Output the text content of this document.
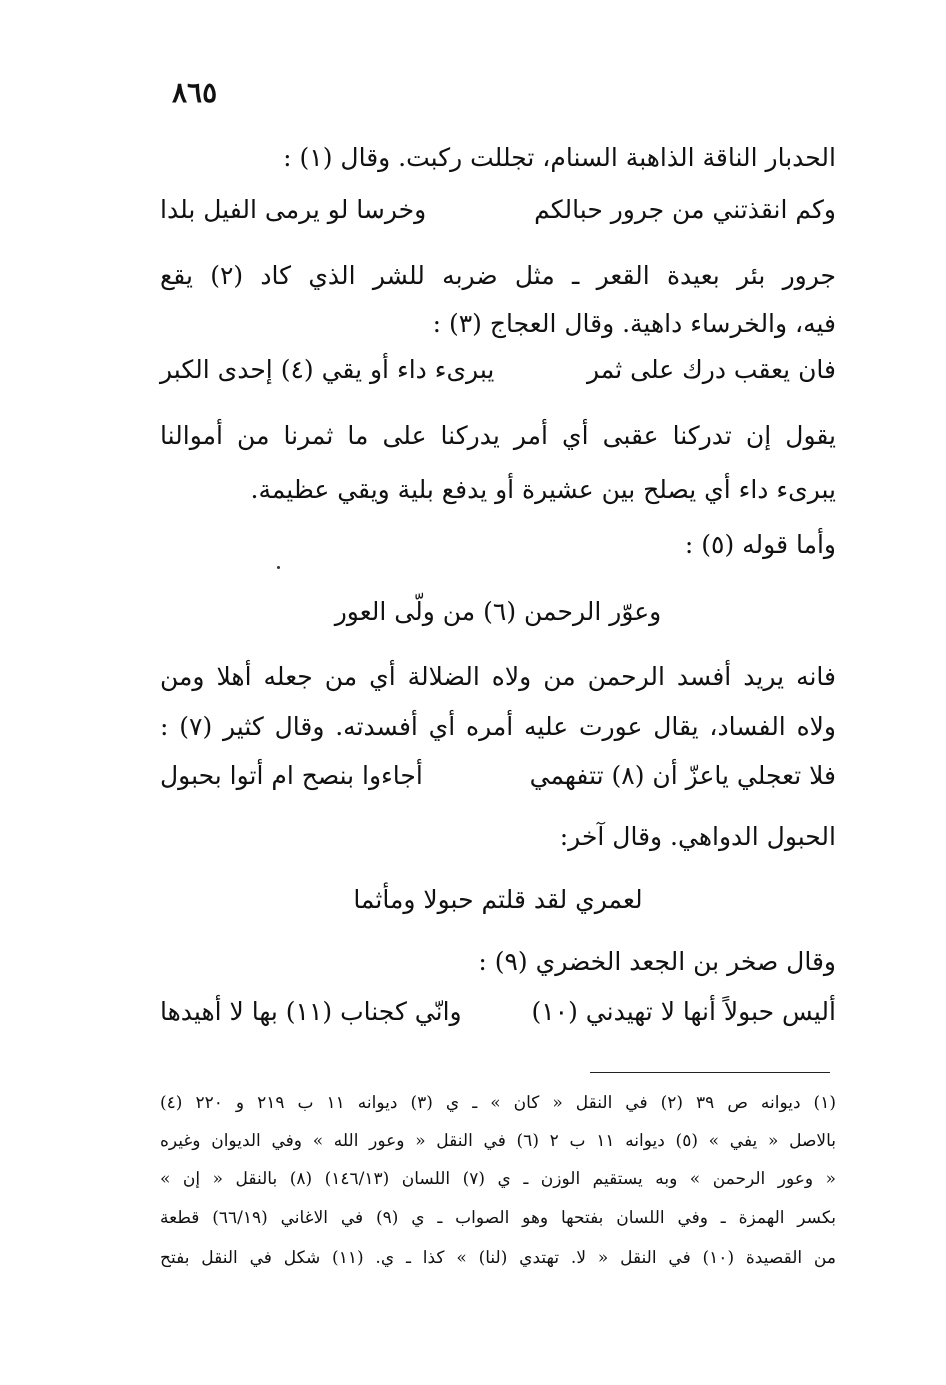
٨٦٥
الحدبار الناقة الذاهبة السنام، تجللت ركبت. وقال (١) :
وكم انقذتني من جرور حبالكم
وخرسا لو يرمى الفيل بلدا
جرور بئر بعيدة القعر ـ مثل ضربه للشر الذي كاد (٢) يقع
فيه، والخرساء داهية. وقال العجاج (٣) :
فان يعقب درك على ثمر
يبرىء داء أو يقي (٤) إحدى الكبر
يقول إن تدركنا عقبى أي أمر يدركنا على ما ثمرنا من أموالنا
يبرىء داء أي يصلح بين عشيرة أو يدفع بلية ويقي عظيمة.
وأما قوله (٥) :
وعوّر الرحمن (٦) من ولّى العور
فانه يريد أفسد الرحمن من ولاه الضلالة أي من جعله أهلا ومن
ولاه الفساد، يقال عورت عليه أمره أي أفسدته. وقال كثير (٧) :
فلا تعجلي ياعزّ أن (٨) تتفهمي
أجاءوا بنصح ام أتوا بحبول
الحبول الدواهي. وقال آخر:
لعمري لقد قلتم حبولا ومأثما
وقال صخر بن الجعد الخضري (٩) :
أليس حبولاً أنها لا تهيدني (١٠)
وانّي كجناب (١١) بها لا أهيدها
(١) ديوانه ص ٣٩ (٢) في النقل « كان » ـ ي (٣) ديوانه ١١ ب ٢١٩ و ٢٢٠ (٤)
بالاصل « يفي » (٥) ديوانه ١١ ب ٢ (٦) في النقل « وعور الله » وفي الديوان وغيره
« وعور الرحمن » وبه يستقيم الوزن ـ ي (٧) اللسان (١٤٦/١٣) (٨) بالنقل « إن »
بكسر الهمزة ـ وفي اللسان بفتحها وهو الصواب ـ ي (٩) في الاغاني (٦٦/١٩) قطعة
من القصيدة (١٠) في النقل « لا. تهتدي (لنا) » كذا ـ ي. (١١) شكل في النقل بفتح
